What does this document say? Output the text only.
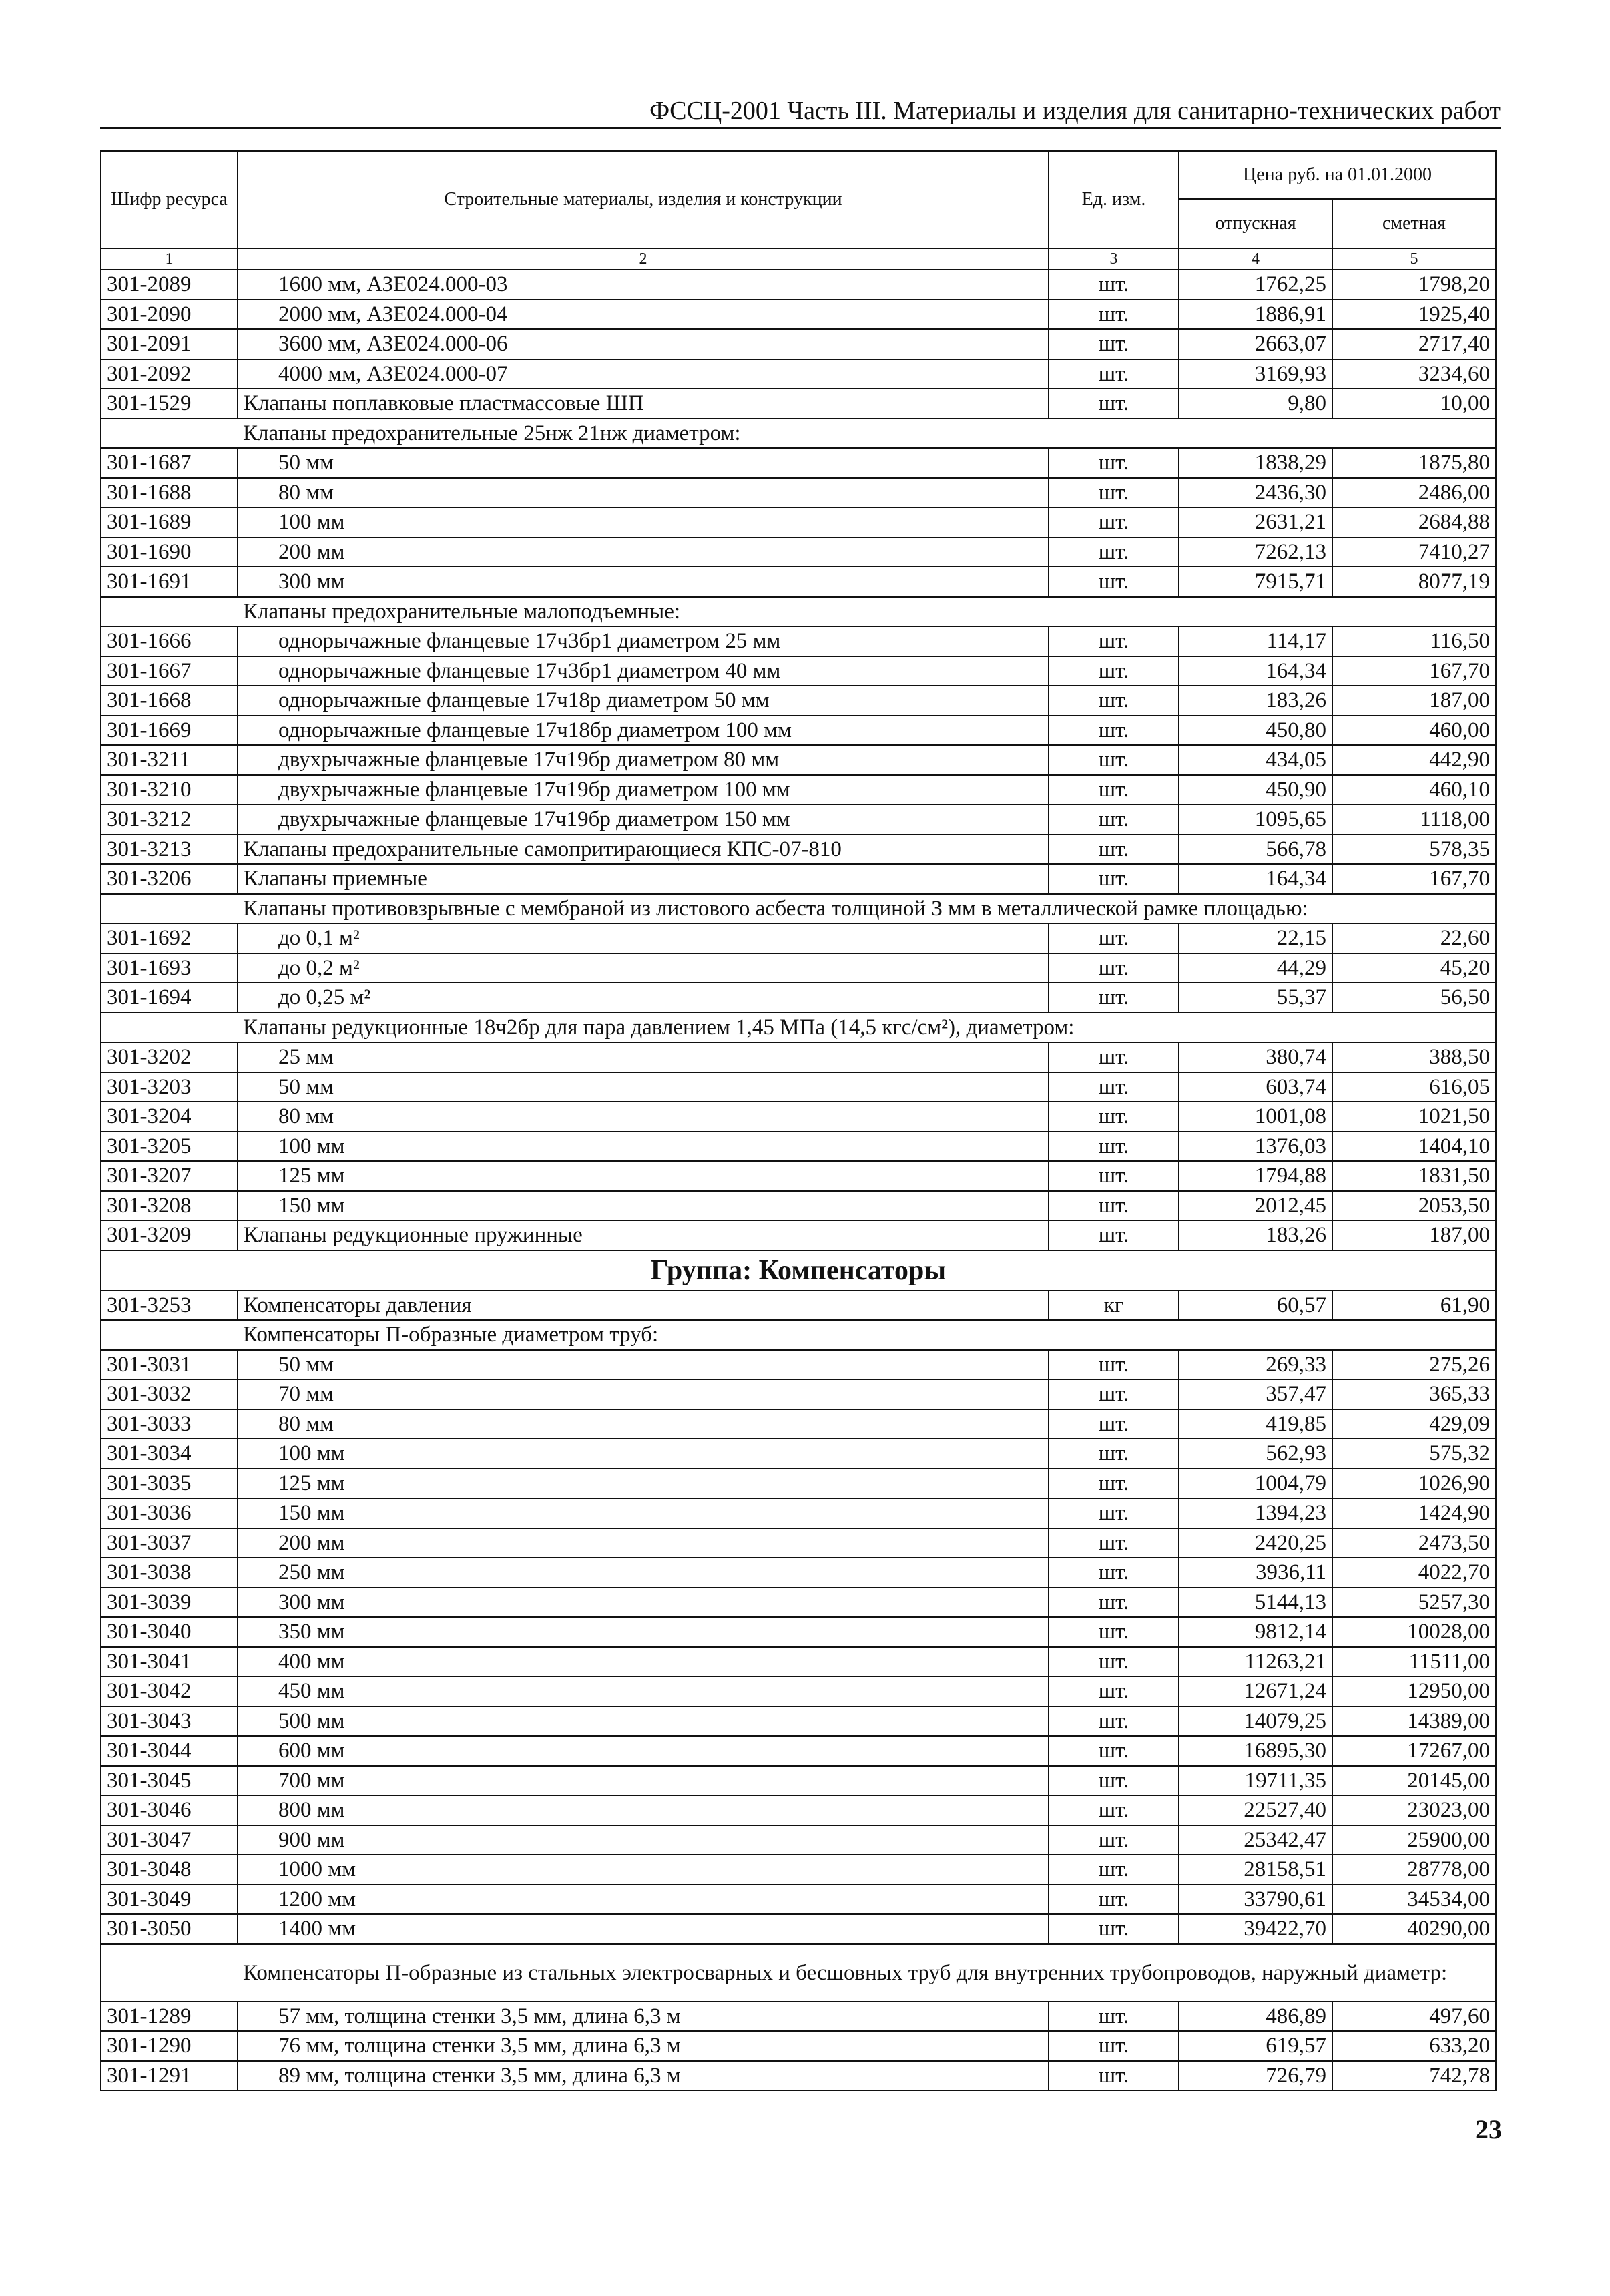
ФССЦ-2001 Часть III. Материалы и изделия для санитарно-технических работ
Шифр ресурса	Строительные материалы, изделия и конструкции	Ед. изм.	Цена руб. на 01.01.2000	
			отпускная	сметная
1	2	3	4	5
301-2089	1600 мм, АЗЕ024.000-03	шт.	1762,25	1798,20
301-2090	2000 мм, АЗЕ024.000-04	шт.	1886,91	1925,40
301-2091	3600 мм, АЗЕ024.000-06	шт.	2663,07	2717,40
301-2092	4000 мм, АЗЕ024.000-07	шт.	3169,93	3234,60
301-1529	Клапаны поплавковые пластмассовые ШП	шт.	9,80	10,00
	Клапаны предохранительные 25нж 21нж диаметром:			
301-1687	50 мм	шт.	1838,29	1875,80
301-1688	80 мм	шт.	2436,30	2486,00
301-1689	100 мм	шт.	2631,21	2684,88
301-1690	200 мм	шт.	7262,13	7410,27
301-1691	300 мм	шт.	7915,71	8077,19
	Клапаны предохранительные малоподъемные:			
301-1666	однорычажные фланцевые 17ч3бр1 диаметром 25 мм	шт.	114,17	116,50
301-1667	однорычажные фланцевые 17ч3бр1 диаметром 40 мм	шт.	164,34	167,70
301-1668	однорычажные фланцевые 17ч18р диаметром 50 мм	шт.	183,26	187,00
301-1669	однорычажные фланцевые 17ч18бр диаметром 100 мм	шт.	450,80	460,00
301-3211	двухрычажные фланцевые 17ч19бр диаметром 80 мм	шт.	434,05	442,90
301-3210	двухрычажные фланцевые 17ч19бр диаметром 100 мм	шт.	450,90	460,10
301-3212	двухрычажные фланцевые 17ч19бр диаметром 150 мм	шт.	1095,65	1118,00
301-3213	Клапаны предохранительные самопритирающиеся КПС-07-810	шт.	566,78	578,35
301-3206	Клапаны приемные	шт.	164,34	167,70
	Клапаны противовзрывные с мембраной из листового асбеста толщиной 3 мм в металлической рамке площадью:			
301-1692	до 0,1 м²	шт.	22,15	22,60
301-1693	до 0,2 м²	шт.	44,29	45,20
301-1694	до 0,25 м²	шт.	55,37	56,50
	Клапаны редукционные 18ч2бр для пара давлением 1,45 МПа (14,5 кгс/см²), диаметром:			
301-3202	25 мм	шт.	380,74	388,50
301-3203	50 мм	шт.	603,74	616,05
301-3204	80 мм	шт.	1001,08	1021,50
301-3205	100 мм	шт.	1376,03	1404,10
301-3207	125 мм	шт.	1794,88	1831,50
301-3208	150 мм	шт.	2012,45	2053,50
301-3209	Клапаны редукционные пружинные	шт.	183,26	187,00
Группа: Компенсаторы				
301-3253	Компенсаторы давления	кг	60,57	61,90
	Компенсаторы П-образные диаметром труб:			
301-3031	50 мм	шт.	269,33	275,26
301-3032	70 мм	шт.	357,47	365,33
301-3033	80 мм	шт.	419,85	429,09
301-3034	100 мм	шт.	562,93	575,32
301-3035	125 мм	шт.	1004,79	1026,90
301-3036	150 мм	шт.	1394,23	1424,90
301-3037	200 мм	шт.	2420,25	2473,50
301-3038	250 мм	шт.	3936,11	4022,70
301-3039	300 мм	шт.	5144,13	5257,30
301-3040	350 мм	шт.	9812,14	10028,00
301-3041	400 мм	шт.	11263,21	11511,00
301-3042	450 мм	шт.	12671,24	12950,00
301-3043	500 мм	шт.	14079,25	14389,00
301-3044	600 мм	шт.	16895,30	17267,00
301-3045	700 мм	шт.	19711,35	20145,00
301-3046	800 мм	шт.	22527,40	23023,00
301-3047	900 мм	шт.	25342,47	25900,00
301-3048	1000 мм	шт.	28158,51	28778,00
301-3049	1200 мм	шт.	33790,61	34534,00
301-3050	1400 мм	шт.	39422,70	40290,00
	Компенсаторы П-образные из стальных электросварных и бесшовных труб для внутренних трубопроводов, наружный диаметр:			
301-1289	57 мм, толщина стенки 3,5 мм, длина 6,3 м	шт.	486,89	497,60
301-1290	76 мм, толщина стенки 3,5 мм, длина 6,3 м	шт.	619,57	633,20
301-1291	89 мм, толщина стенки 3,5 мм, длина 6,3 м	шт.	726,79	742,78
23
